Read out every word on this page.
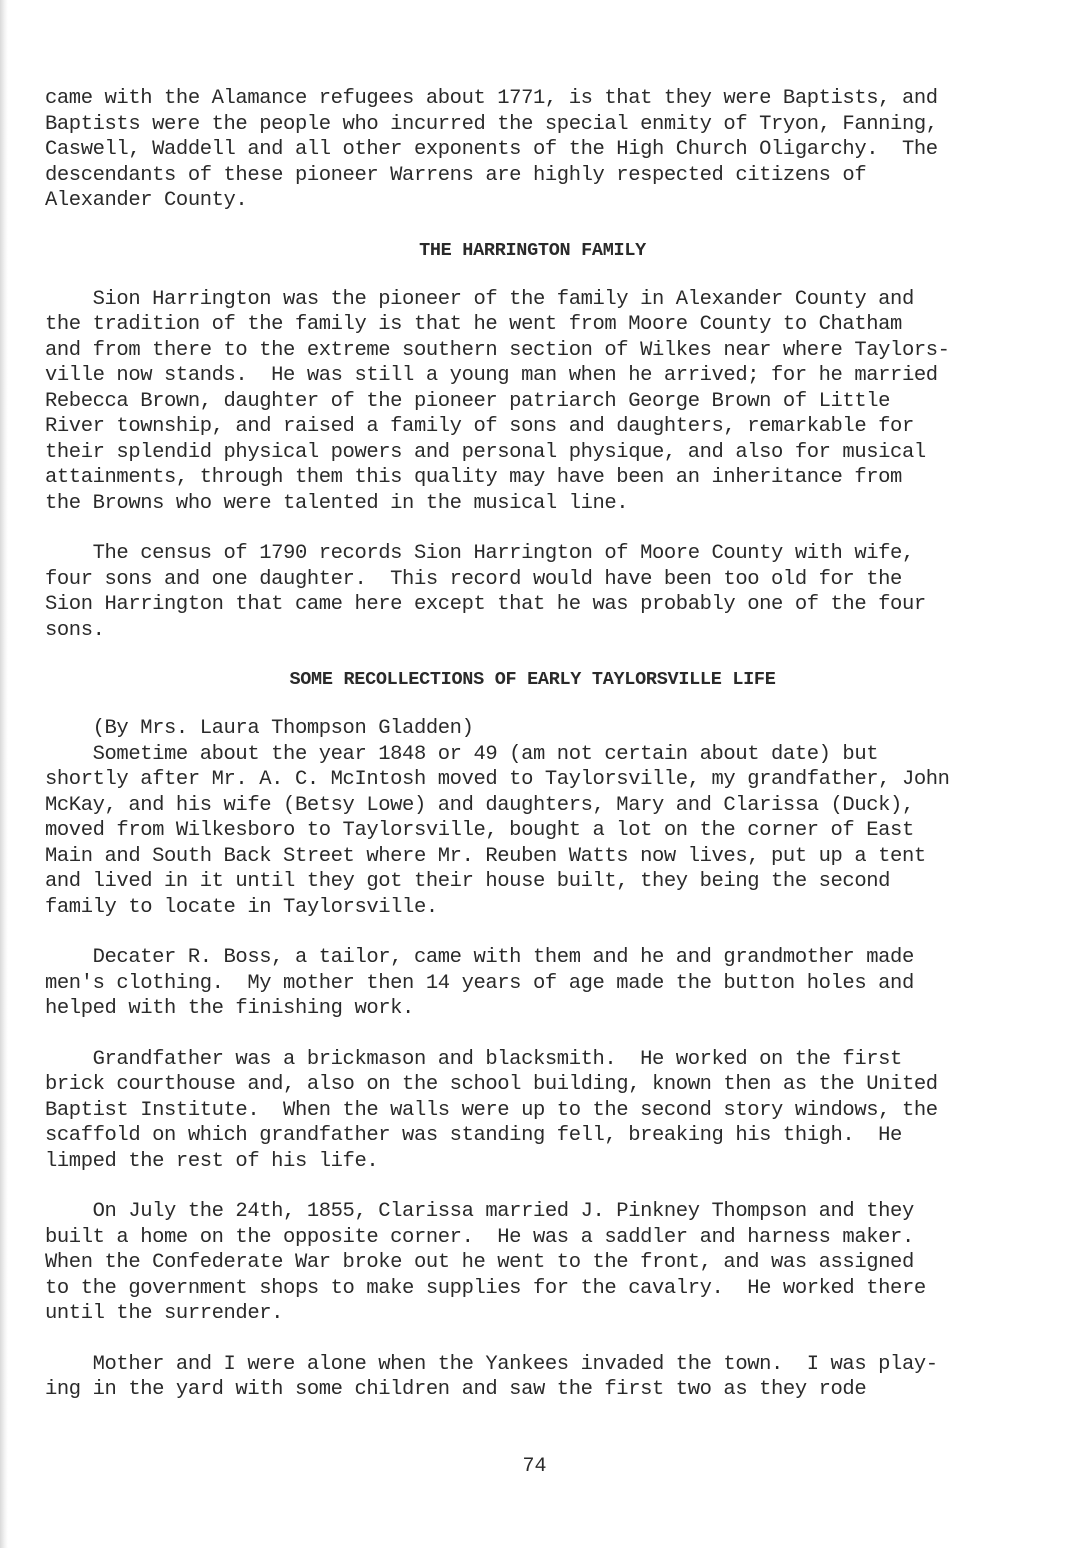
came with the Alamance refugees about 1771, is that they were Baptists, and
Baptists were the people who incurred the special enmity of Tryon, Fanning,
Caswell, Waddell and all other exponents of the High Church Oligarchy.  The
descendants of these pioneer Warrens are highly respected citizens of
Alexander County.

THE HARRINGTON FAMILY

Sion Harrington was the pioneer of the family in Alexander County and
the tradition of the family is that he went from Moore County to Chatham
and from there to the extreme southern section of Wilkes near where Taylors-
ville now stands.  He was still a young man when he arrived; for he married
Rebecca Brown, daughter of the pioneer patriarch George Brown of Little
River township, and raised a family of sons and daughters, remarkable for
their splendid physical powers and personal physique, and also for musical
attainments, through them this quality may have been an inheritance from
the Browns who were talented in the musical line.

The census of 1790 records Sion Harrington of Moore County with wife,
four sons and one daughter.  This record would have been too old for the
Sion Harrington that came here except that he was probably one of the four
sons.

SOME RECOLLECTIONS OF EARLY TAYLORSVILLE LIFE

(By Mrs. Laura Thompson Gladden)
Sometime about the year 1848 or 49 (am not certain about date) but
shortly after Mr. A. C. McIntosh moved to Taylorsville, my grandfather, John
McKay, and his wife (Betsy Lowe) and daughters, Mary and Clarissa (Duck),
moved from Wilkesboro to Taylorsville, bought a lot on the corner of East
Main and South Back Street where Mr. Reuben Watts now lives, put up a tent
and lived in it until they got their house built, they being the second
family to locate in Taylorsville.

Decater R. Boss, a tailor, came with them and he and grandmother made
men's clothing.  My mother then 14 years of age made the button holes and
helped with the finishing work.

Grandfather was a brickmason and blacksmith.  He worked on the first
brick courthouse and, also on the school building, known then as the United
Baptist Institute.  When the walls were up to the second story windows, the
scaffold on which grandfather was standing fell, breaking his thigh.  He
limped the rest of his life.

On July the 24th, 1855, Clarissa married J. Pinkney Thompson and they
built a home on the opposite corner.  He was a saddler and harness maker.
When the Confederate War broke out he went to the front, and was assigned
to the government shops to make supplies for the cavalry.  He worked there
until the surrender.

Mother and I were alone when the Yankees invaded the town.  I was play-
ing in the yard with some children and saw the first two as they rode

74
